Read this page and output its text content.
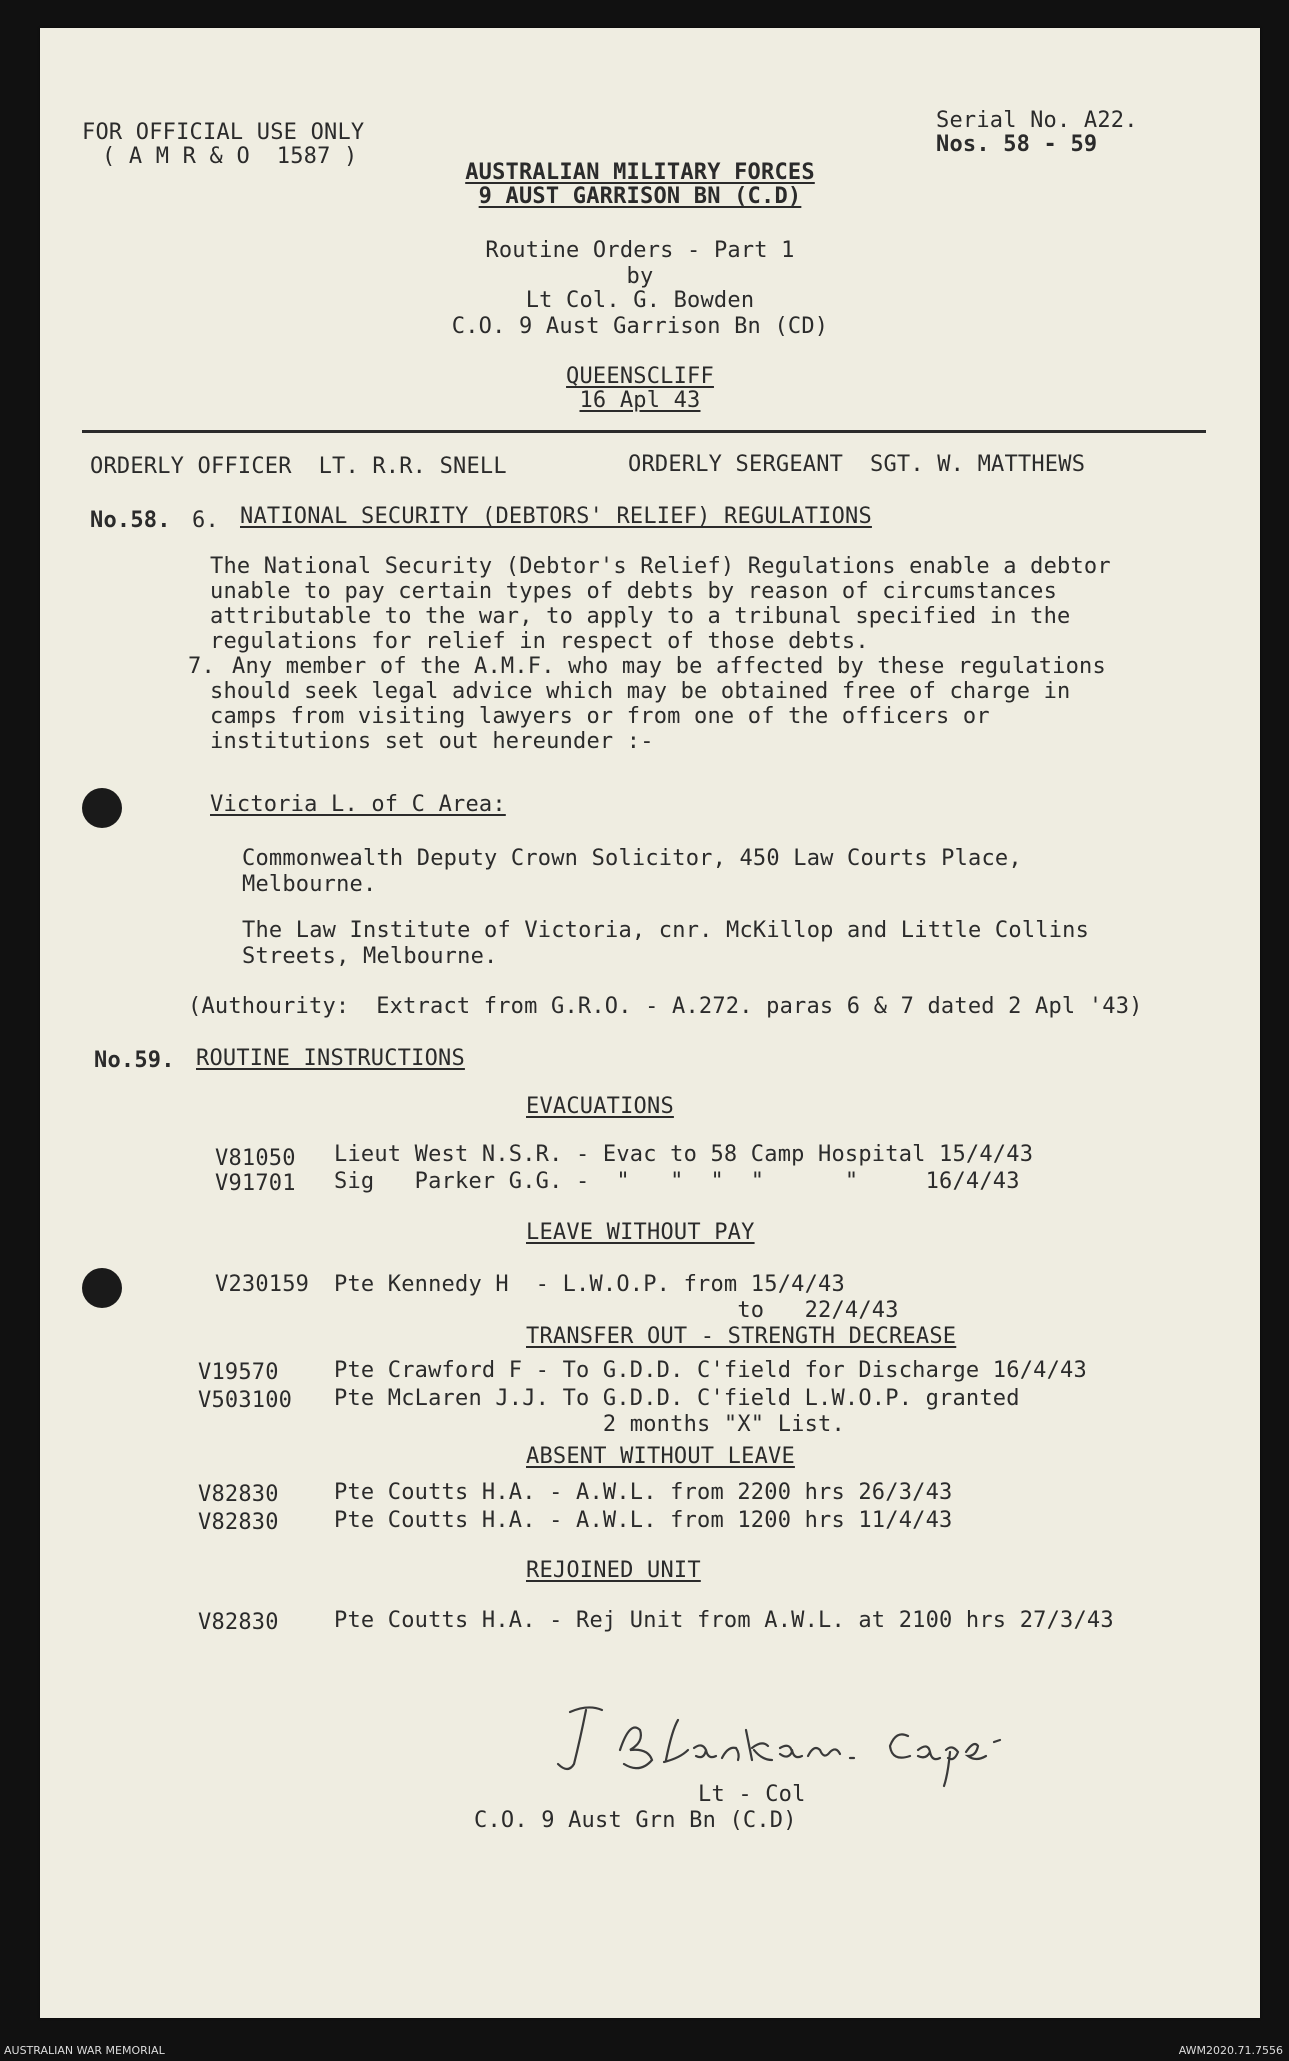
FOR OFFICIAL USE ONLY
( A M R & O  1587 )
Serial No. A22.
Nos. 58 - 59
AUSTRALIAN MILITARY FORCES
9 AUST GARRISON BN (C.D)
Routine Orders - Part 1
by
Lt Col. G. Bowden
C.O. 9 Aust Garrison Bn (CD)
QUEENSCLIFF
16 Apl 43
ORDERLY OFFICER  LT. R.R. SNELL	ORDERLY SERGEANT  SGT. W. MATTHEWS
No.58. 6. NATIONAL SECURITY (DEBTORS' RELIEF) REGULATIONS
The National Security (Debtor's Relief) Regulations enable a debtor
unable to pay certain types of debts by reason of circumstances
attributable to the war, to apply to a tribunal specified in the
regulations for relief in respect of those debts.
7. Any member of the A.M.F. who may be affected by these regulations
should seek legal advice which may be obtained free of charge in
camps from visiting lawyers or from one of the officers or
institutions set out hereunder :-
Victoria L. of C Area:
Commonwealth Deputy Crown Solicitor, 450 Law Courts Place,
Melbourne.
The Law Institute of Victoria, cnr. McKillop and Little Collins
Streets, Melbourne.
(Authourity:  Extract from G.R.O. - A.272. paras 6 & 7 dated 2 Apl '43)
No.59. ROUTINE INSTRUCTIONS
EVACUATIONS
V81050 Lieut West N.S.R. - Evac to 58 Camp Hospital 15/4/43
V91701 Sig   Parker G.G. -  "   "  "  "      "     16/4/43
LEAVE WITHOUT PAY
V230159 Pte Kennedy H  - L.W.O.P. from 15/4/43
to   22/4/43
TRANSFER OUT - STRENGTH DECREASE
V19570	Pte Crawford F - To G.D.D. C'field for Discharge 16/4/43
V503100 Pte McLaren J.J. To G.D.D. C'field L.W.O.P. granted
2 months "X" List.
ABSENT WITHOUT LEAVE
V82830	Pte Coutts H.A. - A.W.L. from 2200 hrs 26/3/43
V82830	Pte Coutts H.A. - A.W.L. from 1200 hrs 11/4/43
REJOINED UNIT
V82830	Pte Coutts H.A. - Rej Unit from A.W.L. at 2100 hrs 27/3/43
Lt - Col
C.O. 9 Aust Grn Bn (C.D)
AUSTRALIAN WAR MEMORIAL	AWM2020.71.7556
